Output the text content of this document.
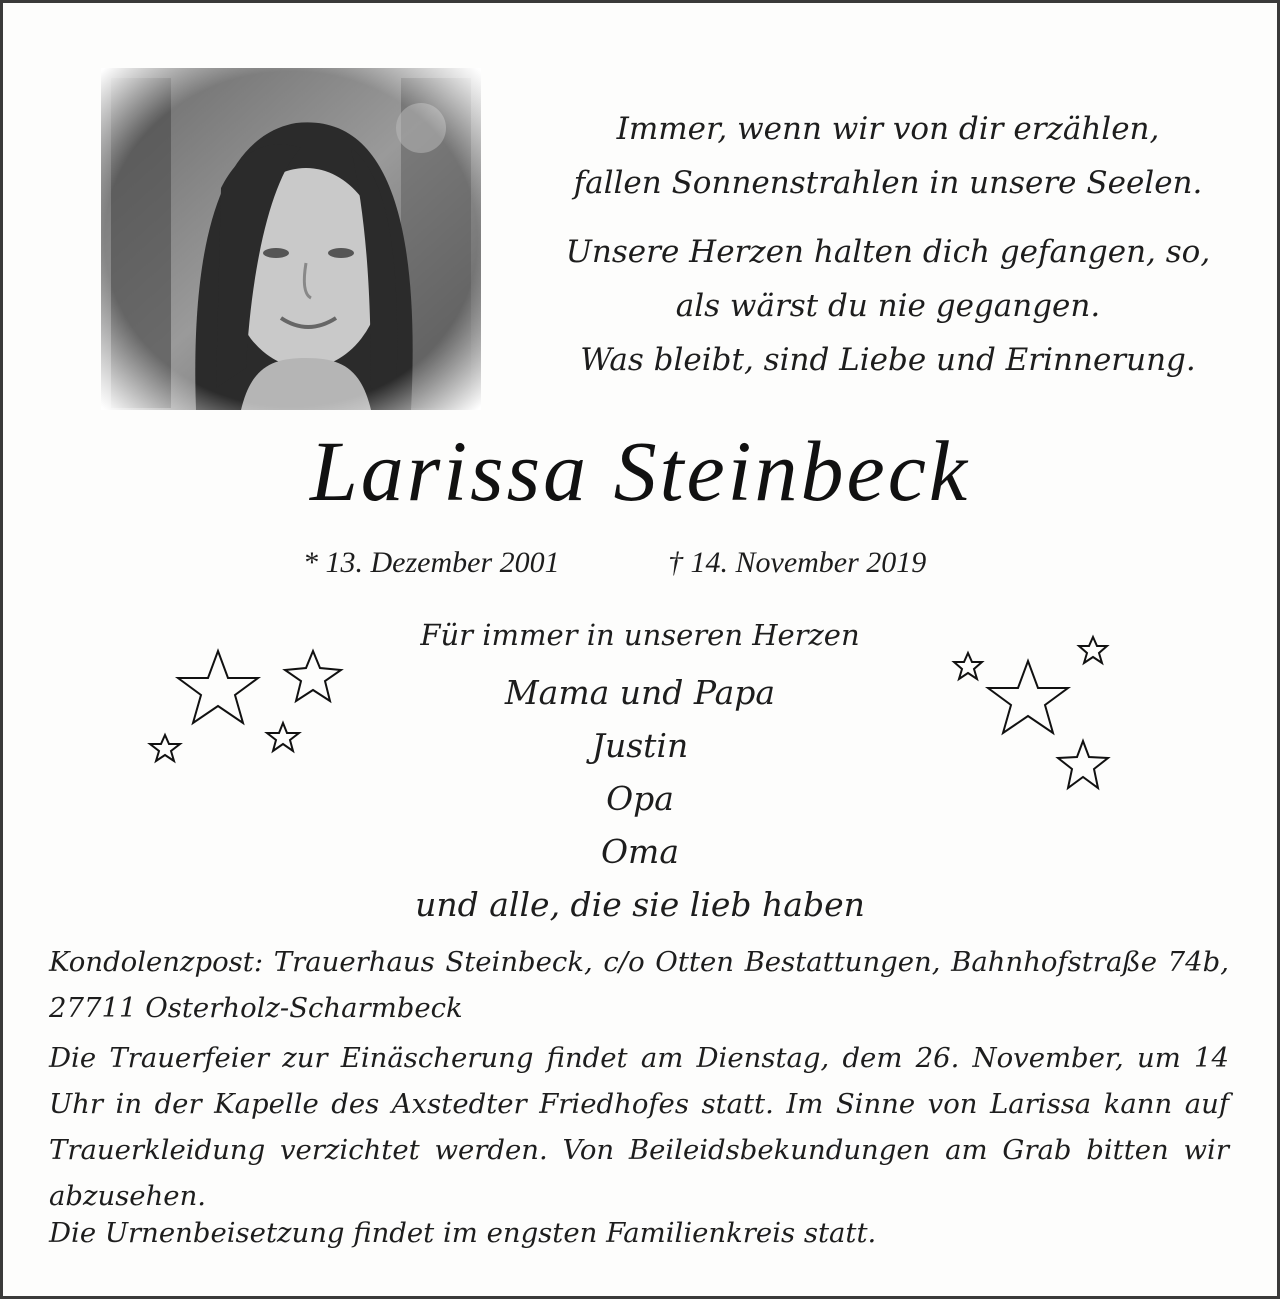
Immer, wenn wir von dir erzählen,
fallen Sonnenstrahlen in unsere Seelen.
Unsere Herzen halten dich gefangen, so,
als wärst du nie gegangen.
Was bleibt, sind Liebe und Erinnerung.
Larissa Steinbeck
* 13. Dezember 2001	† 14. November 2019
Für immer in unseren Herzen
Mama und Papa
Justin
Opa
Oma
und alle, die sie lieb haben
Kondolenzpost: Trauerhaus Steinbeck, c/o Otten Bestattungen, Bahnhofstraße 74b, 27711 Osterholz-Scharmbeck
Die Trauerfeier zur Einäscherung findet am Dienstag, dem 26. November, um 14 Uhr in der Kapelle des Axstedter Friedhofes statt. Im Sinne von Larissa kann auf Trauerkleidung verzichtet werden. Von Beileidsbekundungen am Grab bitten wir abzusehen.
Die Urnenbeisetzung findet im engsten Familienkreis statt.
